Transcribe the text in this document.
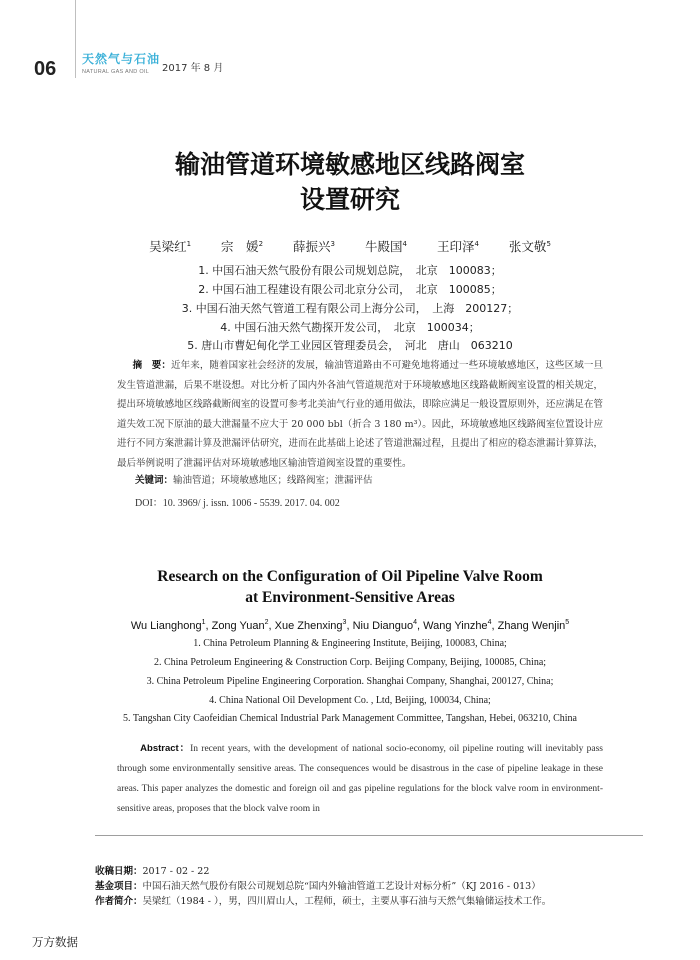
06 天然气与石油
NATURAL GAS AND OIL 2017 年 8 月
输油管道环境敏感地区线路阀室
设置研究
吴梁红$^1$ 宗　媛$^2$ 薛振兴$^3$ 牛殿国$^4$ 王印泽$^4$ 张文敬$^5$
1. 中国石油天然气股份有限公司规划总院，　北京　100083；
2. 中国石油工程建设有限公司北京分公司，　北京　100085；
3. 中国石油天然气管道工程有限公司上海分公司，　上海　200127；
4. 中国石油天然气勘探开发公司，　北京　100034；
5. 唐山市曹妃甸化学工业园区管理委员会，　河北　唐山　063210
摘　要：近年来，随着国家社会经济的发展，输油管道路由不可避免地将通过一些环境敏感地区，这些区域一旦发生管道泄漏，后果不堪设想。对比分析了国内外各油气管道规范对于环境敏感地区线路截断阀室设置的相关规定，提出环境敏感地区线路截断阀室的设置可参考北美油气行业的通用做法，即除应满足一般设置原则外，还应满足在管道失效工况下原油的最大泄漏量不应大于 20 000 bbl（折合 3 180 m³）。因此，环境敏感地区线路阀室位置设计应进行不同方案泄漏计算及泄漏评估研究，进而在此基础上论述了管道泄漏过程，且提出了相应的稳态泄漏计算算法，最后举例说明了泄漏评估对环境敏感地区输油管道阀室设置的重要性。
关键词：输油管道；环境敏感地区；线路阀室；泄漏评估
DOI：10. 3969/ j. issn. 1006 - 5539. 2017. 04. 002
Research on the Configuration of Oil Pipeline Valve Room
at Environment-Sensitive Areas
Wu Lianghong$^1$, Zong Yuan$^2$, Xue Zhenxing$^3$, Niu Dianguo$^4$, Wang Yinzhe$^4$, Zhang Wenjin$^5$
1. China Petroleum Planning & Engineering Institute, Beijing, 100083, China;
2. China Petroleum Engineering & Construction Corp. Beijing Company, Beijing, 100085, China;
3. China Petroleum Pipeline Engineering Corporation. Shanghai Company, Shanghai, 200127, China;
4. China National Oil Development Co. , Ltd, Beijing, 100034, China;
5. Tangshan City Caofeidian Chemical Industrial Park Management Committee, Tangshan, Hebei, 063210, China
Abstract：In recent years, with the development of national socio-economy, oil pipeline routing will inevitably pass through some environmentally sensitive areas. The consequences would be disastrous in the case of pipeline leakage in these areas. This paper analyzes the domestic and foreign oil and gas pipeline regulations for the block valve room in environment-sensitive areas, proposes that the block valve room in
收稿日期：2017 - 02 - 22
基金项目：中国石油天然气股份有限公司规划总院“国内外输油管道工艺设计对标分析”（KJ 2016 - 013）
作者简介：吴梁红（1984 - ），男，四川眉山人，工程师，硕士，主要从事石油与天然气集输储运技术工作。
万方数据
